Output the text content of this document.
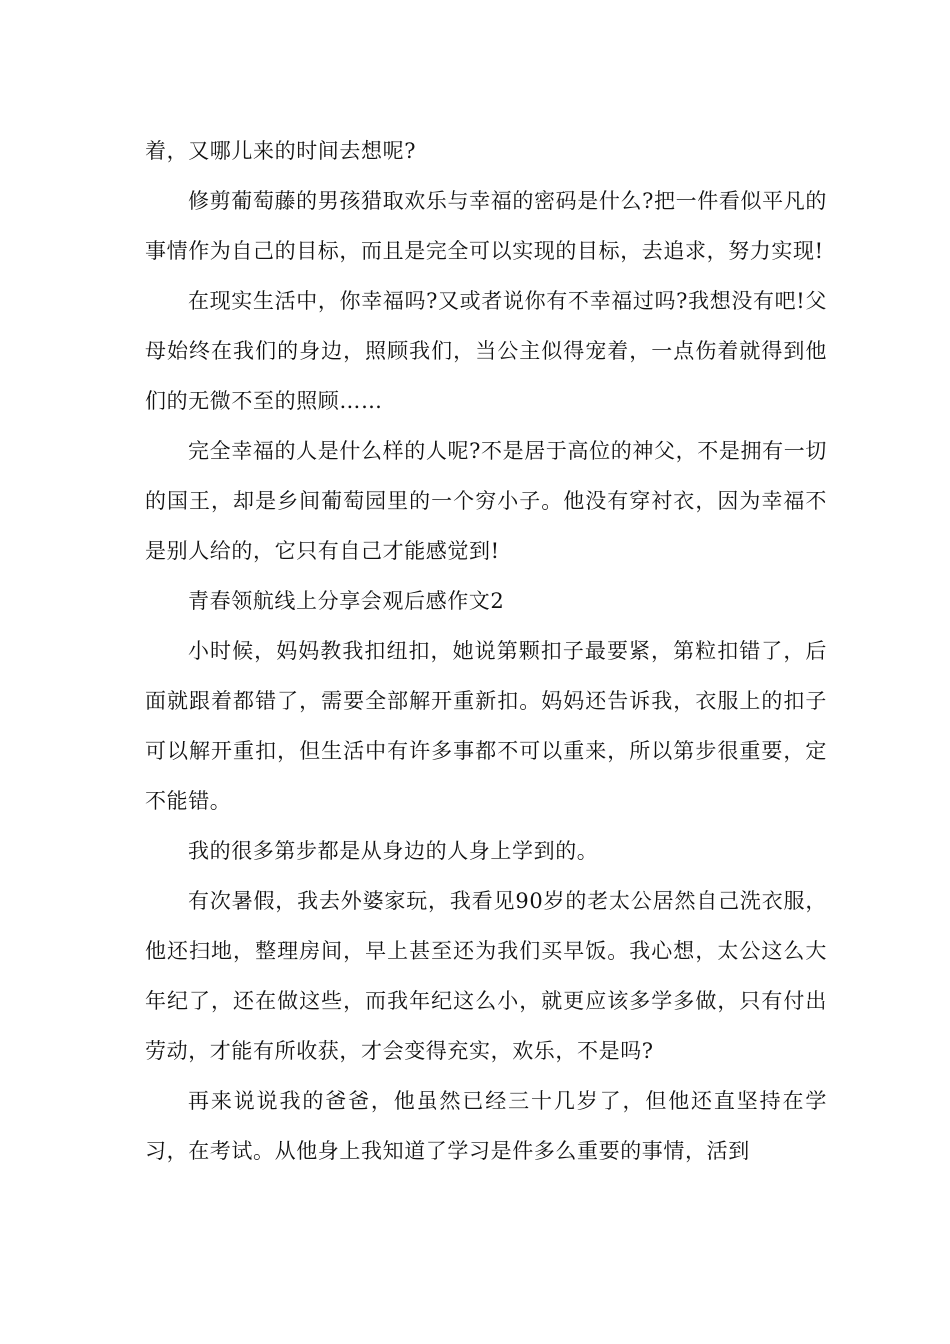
着，又哪儿来的时间去想呢?

修剪葡萄藤的男孩猎取欢乐与幸福的密码是什么?把一件看似平凡的事情作为自己的目标，而且是完全可以实现的目标，去追求，努力实现!

在现实生活中，你幸福吗?又或者说你有不幸福过吗?我想没有吧!父母始终在我们的身边，照顾我们，当公主似得宠着，一点伤着就得到他们的无微不至的照顾……

完全幸福的人是什么样的人呢?不是居于高位的神父，不是拥有一切的国王，却是乡间葡萄园里的一个穷小子。他没有穿衬衣，因为幸福不是别人给的，它只有自己才能感觉到!

青春领航线上分享会观后感作文2

小时候，妈妈教我扣纽扣，她说第颗扣子最要紧，第粒扣错了，后面就跟着都错了，需要全部解开重新扣。妈妈还告诉我，衣服上的扣子可以解开重扣，但生活中有许多事都不可以重来，所以第步很重要，定不能错。

我的很多第步都是从身边的人身上学到的。

有次暑假，我去外婆家玩，我看见90岁的老太公居然自己洗衣服，他还扫地，整理房间，早上甚至还为我们买早饭。我心想，太公这么大年纪了，还在做这些，而我年纪这么小，就更应该多学多做，只有付出劳动，才能有所收获，才会变得充实，欢乐，不是吗?

再来说说我的爸爸，他虽然已经三十几岁了，但他还直坚持在学习，在考试。从他身上我知道了学习是件多么重要的事情，活到
